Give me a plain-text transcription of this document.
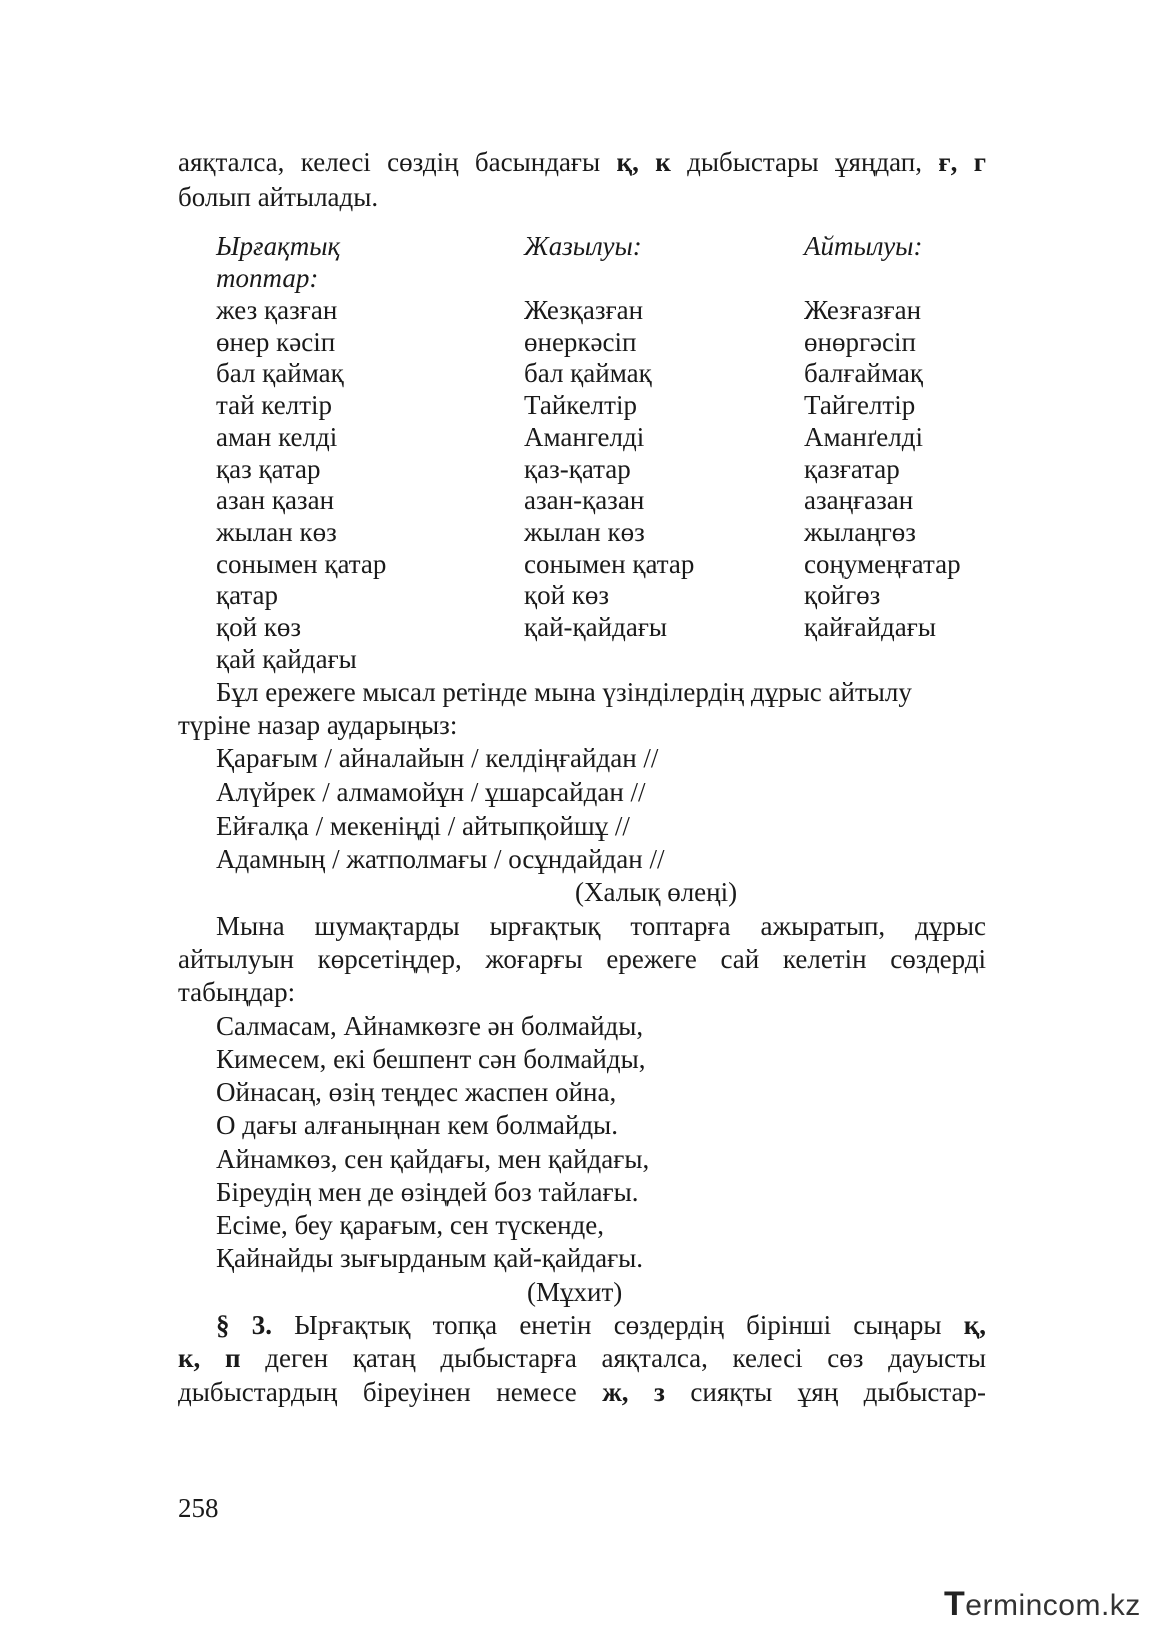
аяқталса, келесі сөздің басындағы қ, к дыбыстары ұяңдап, ғ, г
болып айтылады.
Ырғақтық	Жазылуы:	Айтылуы:
топтар:
жез қазған	Жезқазған	Жезғазған
өнер кәсіп	өнеркәсіп	өнөргәсіп
бал қаймақ	бал қаймақ	балғаймақ
тай келтір	Тайкелтір	Тайгелтір
аман келді	Амангелді	Аманґелді
қаз қатар	қаз-қатар	қазғатар
азан қазан	азан-қазан	азаңғазан
жылан көз	жылан көз	жылаңгөз
сонымен қатар	сонымен қатар	соңумеңғатар
қатар	қой көз	қойгөз
қой көз	қай-қайдағы	қайғайдағы
қай қайдағы
Бұл ережеге мысал ретінде мына үзінділердің дұрыс айтылу
түріне назар аударыңыз:
Қарағым / айналайын / келдіңғайдан //
Алүйрек / алмамойұн / ұшарсайдан //
Ейғалқа / мекеніңді / айтыпқойшұ //
Адамның / жатполмағы / осұндайдан //
(Халық өлеңі)
Мына шумақтарды ырғақтық топтарға ажыратып, дұрыс
айтылуын көрсетіңдер, жоғарғы ережеге сай келетін сөздерді
табыңдар:
Салмасам, Айнамкөзге ән болмайды,
Кимесем, екі бешпент сән болмайды,
Ойнасаң, өзің теңдес жаспен ойна,
О дағы алғаныңнан кем болмайды.
Айнамкөз, сен қайдағы, мен қайдағы,
Біреудің мен де өзіңдей боз тайлағы.
Есіме, беу қарағым, сен түскенде,
Қайнайды зығырданым қай-қайдағы.
(Мұхит)
§ 3. Ырғақтық топқа енетін сөздердің бірінші сыңары қ,
к, п деген қатаң дыбыстарға аяқталса, келесі сөз дауысты
дыбыстардың біреуінен немесе ж, з сияқты ұяң дыбыстар-
258
Termincom.kz
